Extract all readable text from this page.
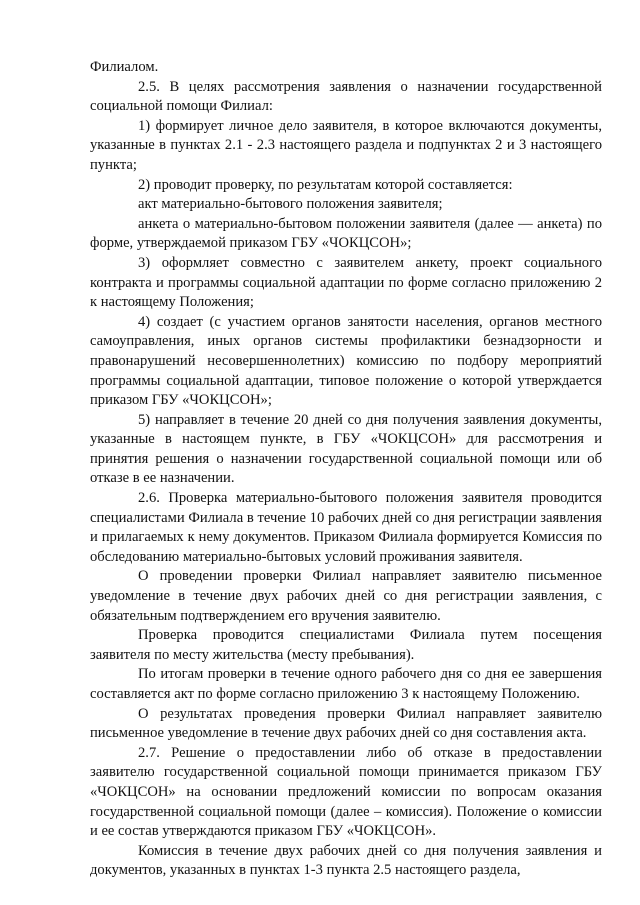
Филиалом.

2.5. В целях рассмотрения заявления о назначении государственной социальной помощи Филиал:

1) формирует личное дело заявителя, в которое включаются документы, указанные в пунктах 2.1 - 2.3 настоящего раздела и подпунктах 2 и 3 настоящего пункта;

2) проводит проверку, по результатам которой составляется:

акт материально-бытового положения заявителя;

анкета о материально-бытовом положении заявителя (далее — анкета) по форме, утверждаемой приказом ГБУ «ЧОКЦСОН»;

3) оформляет совместно с заявителем анкету, проект социального контракта и программы социальной адаптации по форме согласно приложению 2 к настоящему Положения;

4) создает (с участием органов занятости населения, органов местного самоуправления, иных органов системы профилактики безнадзорности и правонарушений несовершеннолетних) комиссию по подбору мероприятий программы социальной адаптации, типовое положение о которой утверждается приказом ГБУ «ЧОКЦСОН»;

5) направляет в течение 20 дней со дня получения заявления документы, указанные в настоящем пункте, в ГБУ «ЧОКЦСОН» для рассмотрения и принятия решения о назначении государственной социальной помощи или об отказе в ее назначении.

2.6. Проверка материально-бытового положения заявителя проводится специалистами Филиала в течение 10 рабочих дней со дня регистрации заявления и прилагаемых к нему документов. Приказом Филиала формируется Комиссия по обследованию материально-бытовых условий проживания заявителя.

О проведении проверки Филиал направляет заявителю письменное уведомление в течение двух рабочих дней со дня регистрации заявления, с обязательным подтверждением его вручения заявителю.

Проверка проводится специалистами Филиала путем посещения заявителя по месту жительства (месту пребывания).

По итогам проверки в течение одного рабочего дня со дня ее завершения составляется акт по форме согласно приложению 3 к настоящему Положению.

О результатах проведения проверки Филиал направляет заявителю письменное уведомление в течение двух рабочих дней со дня составления акта.

2.7. Решение о предоставлении либо об отказе в предоставлении заявителю государственной социальной помощи принимается приказом ГБУ «ЧОКЦСОН» на основании предложений комиссии по вопросам оказания государственной социальной помощи (далее – комиссия). Положение о комиссии и ее состав утверждаются приказом ГБУ «ЧОКЦСОН».

Комиссия в течение двух рабочих дней со дня получения заявления и документов, указанных в пунктах 1-3 пункта 2.5 настоящего раздела,
